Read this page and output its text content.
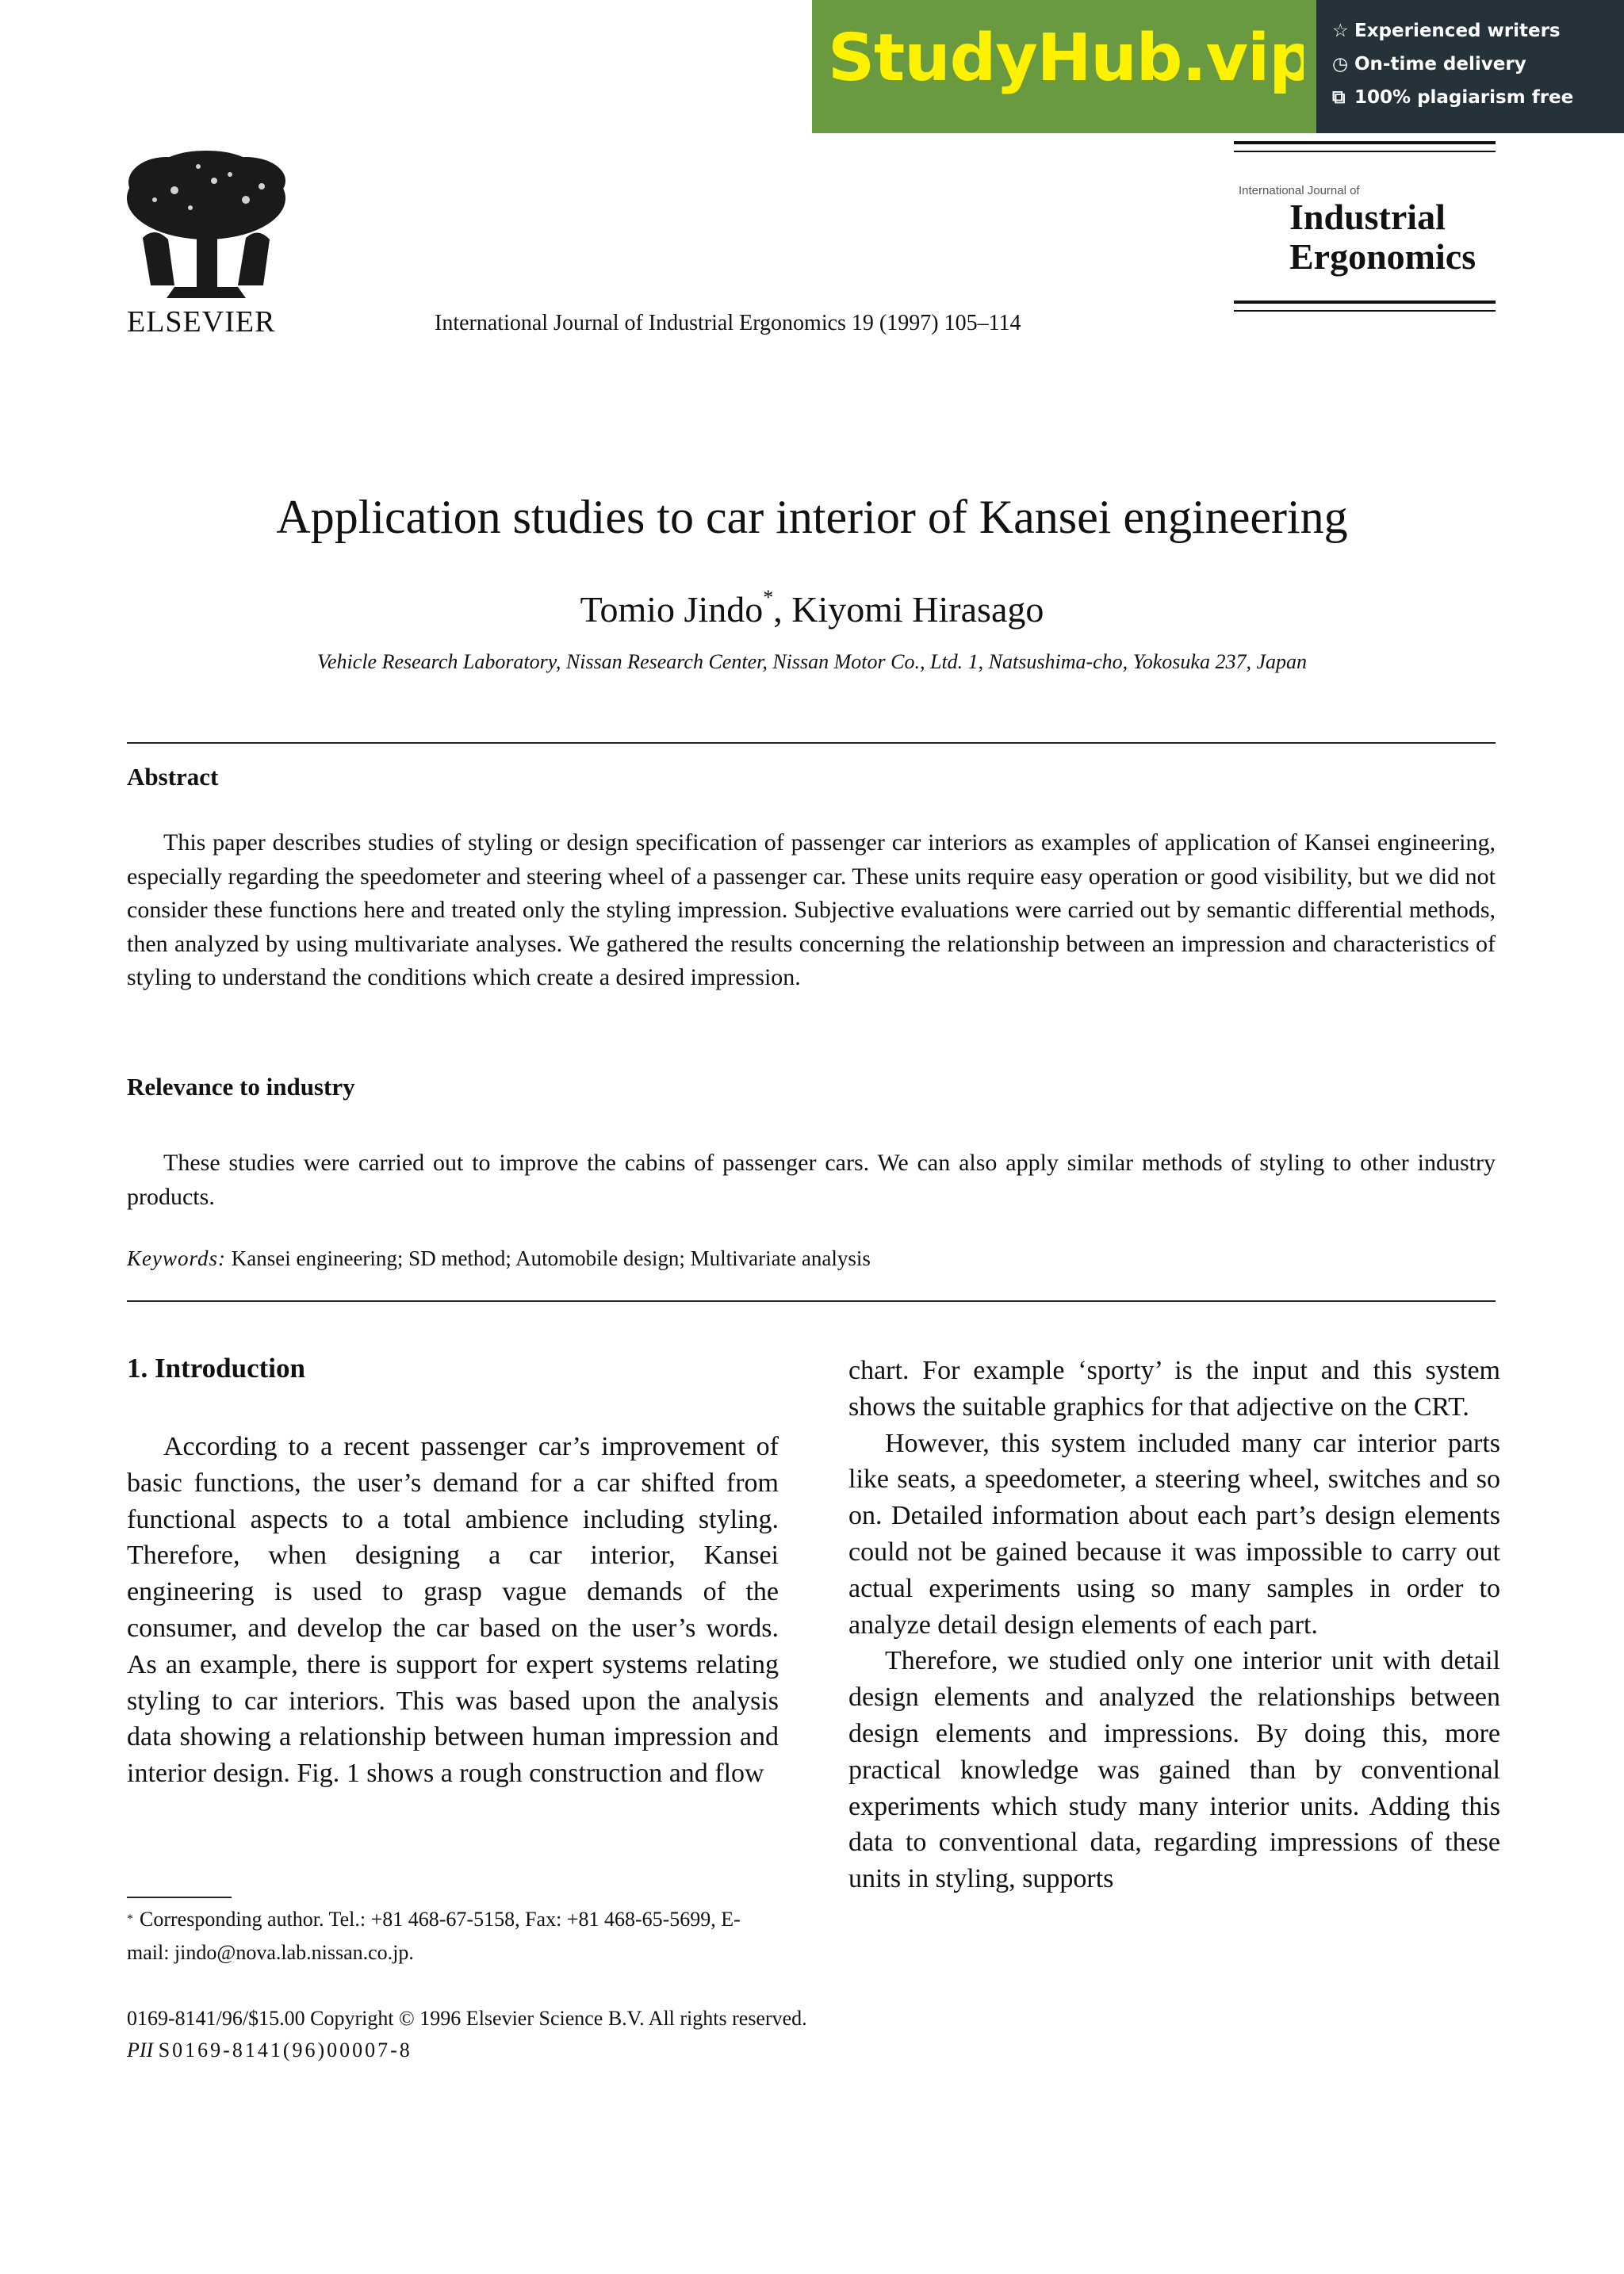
StudyHub.vip ☆ Experienced writers
◷ On-time delivery
⧉ 100% plagiarism free
ELSEVIER	International Journal of Industrial Ergonomics 19 (1997) 105–114
International Journal of
Industrial
Ergonomics
Application studies to car interior of Kansei engineering
Tomio Jindo*, Kiyomi Hirasago
Vehicle Research Laboratory, Nissan Research Center, Nissan Motor Co., Ltd. 1, Natsushima-cho, Yokosuka 237, Japan
Abstract
This paper describes studies of styling or design specification of passenger car interiors as examples of application of Kansei engineering, especially regarding the speedometer and steering wheel of a passenger car. These units require easy operation or good visibility, but we did not consider these functions here and treated only the styling impression. Subjective evaluations were carried out by semantic differential methods, then analyzed by using multivariate analyses. We gathered the results concerning the relationship between an impression and characteristics of styling to understand the conditions which create a desired impression.
Relevance to industry
These studies were carried out to improve the cabins of passenger cars. We can also apply similar methods of styling to other industry products.
Keywords: Kansei engineering; SD method; Automobile design; Multivariate analysis
1. Introduction

According to a recent passenger car’s improvement of basic functions, the user’s demand for a car shifted from functional aspects to a total ambience including styling. Therefore, when designing a car interior, Kansei engineering is used to grasp vague demands of the consumer, and develop the car based on the user’s words. As an example, there is support for expert systems relating styling to car interiors. This was based upon the analysis data showing a relationship between human impression and interior design. Fig. 1 shows a rough construction and flow

chart. For example ‘sporty’ is the input and this system shows the suitable graphics for that adjective on the CRT.

However, this system included many car interior parts like seats, a speedometer, a steering wheel, switches and so on. Detailed information about each part’s design elements could not be gained because it was impossible to carry out actual experiments using so many samples in order to analyze detail design elements of each part.

Therefore, we studied only one interior unit with detail design elements and analyzed the relationships between design elements and impressions. By doing this, more practical knowledge was gained than by conventional experiments which study many interior units. Adding this data to conventional data, regarding impressions of these units in styling, supports

* Corresponding author. Tel.: +81 468-67-5158, Fax: +81 468-65-5699, E-mail: jindo@nova.lab.nissan.co.jp.
0169-8141/96/$15.00 Copyright © 1996 Elsevier Science B.V. All rights reserved.
PII S0169-8141(96)00007-8
